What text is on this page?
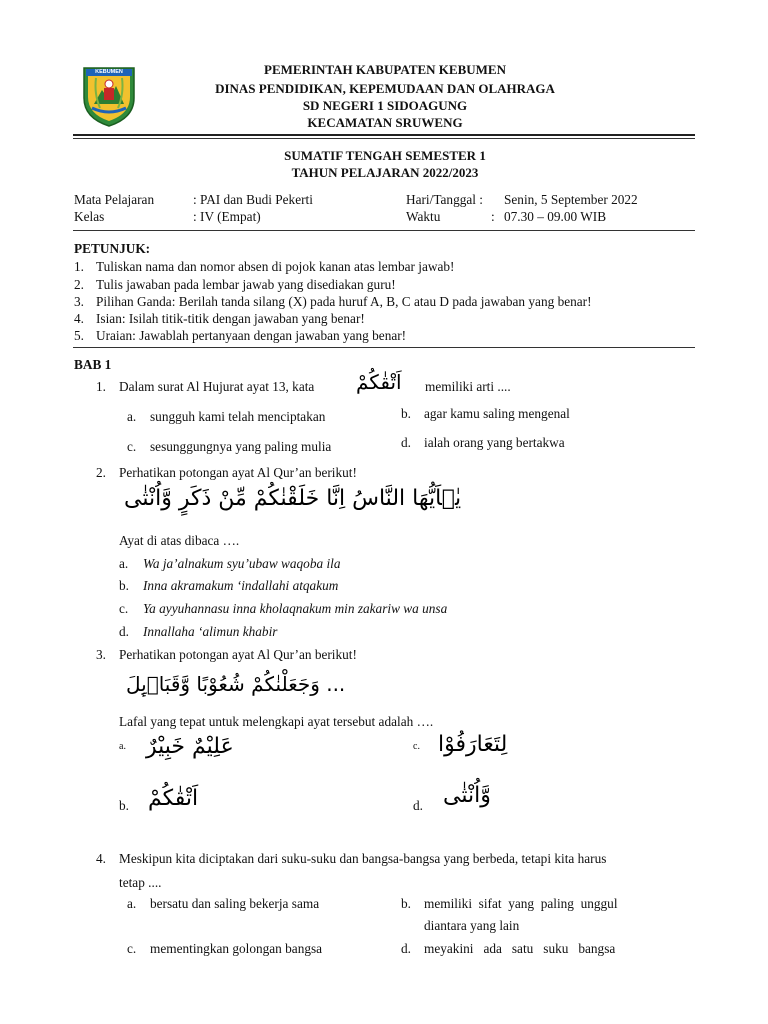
KEBUMEN	PEMERINTAH KABUPATEN KEBUMEN
DINAS PENDIDIKAN, KEPEMUDAAN DAN OLAHRAGA
SD NEGERI 1 SIDOAGUNG
KECAMATAN SRUWENG
SUMATIF TENGAH SEMESTER 1
TAHUN PELAJARAN 2022/2023
Mata Pelajaran	: PAI dan Budi Pekerti
Kelas	: IV (Empat)
Hari/Tanggal : Senin, 5 September 2022
Waktu	: 07.30 – 09.00 WIB
PETUNJUK:
1. Tuliskan nama dan nomor absen di pojok kanan atas lembar jawab!
2. Tulis jawaban pada lembar jawab yang disediakan guru!
3. Pilihan Ganda: Berilah tanda silang (X) pada huruf A, B, C atau D pada jawaban yang benar!
4. Isian: Isilah titik-titik dengan jawaban yang benar!
5. Uraian: Jawablah pertanyaan dengan jawaban yang benar!
BAB 1
1. Dalam surat Al Hujurat ayat 13, kata اَتْقٰكُمْ memiliki arti ....
a. sungguh kami telah menciptakan	b. agar kamu saling mengenal
c. sesunggungnya yang paling mulia	d. ialah orang yang bertakwa
2. Perhatikan potongan ayat Al Qur’an berikut!
يٰۤاَيُّهَا النَّاسُ اِنَّا خَلَقْنٰكُمْ مِّنْ ذَكَرٍ وَّاُنْثٰى
Ayat di atas dibaca ….
a. Wa ja’alnakum syu’ubaw waqoba ila
b. Inna akramakum ‘indallahi atqakum
c. Ya ayyuhannasu inna kholaqnakum min zakariw wa unsa
d. Innallaha ‘alimun khabir
3. Perhatikan potongan ayat Al Qur’an berikut!
... وَجَعَلْنٰكُمْ شُعُوْبًا وَّقَبَاۤىِٕلَ
Lafal yang tepat untuk melengkapi ayat tersebut adalah ….
a. عَلِيْمٌ خَبِيْرٌ	c. لِتَعَارَفُوْا
b. اَتْقٰكُمْ	d. وَّاُنْثٰى
4. Meskipun kita diciptakan dari suku-suku dan bangsa-bangsa yang berbeda, tetapi kita harus
tetap ....
a. bersatu dan saling bekerja sama	b. memiliki  sifat  yang  paling  unggul
diantara yang lain
c. mementingkan golongan bangsa	d. meyakini   ada   satu   suku   bangsa
